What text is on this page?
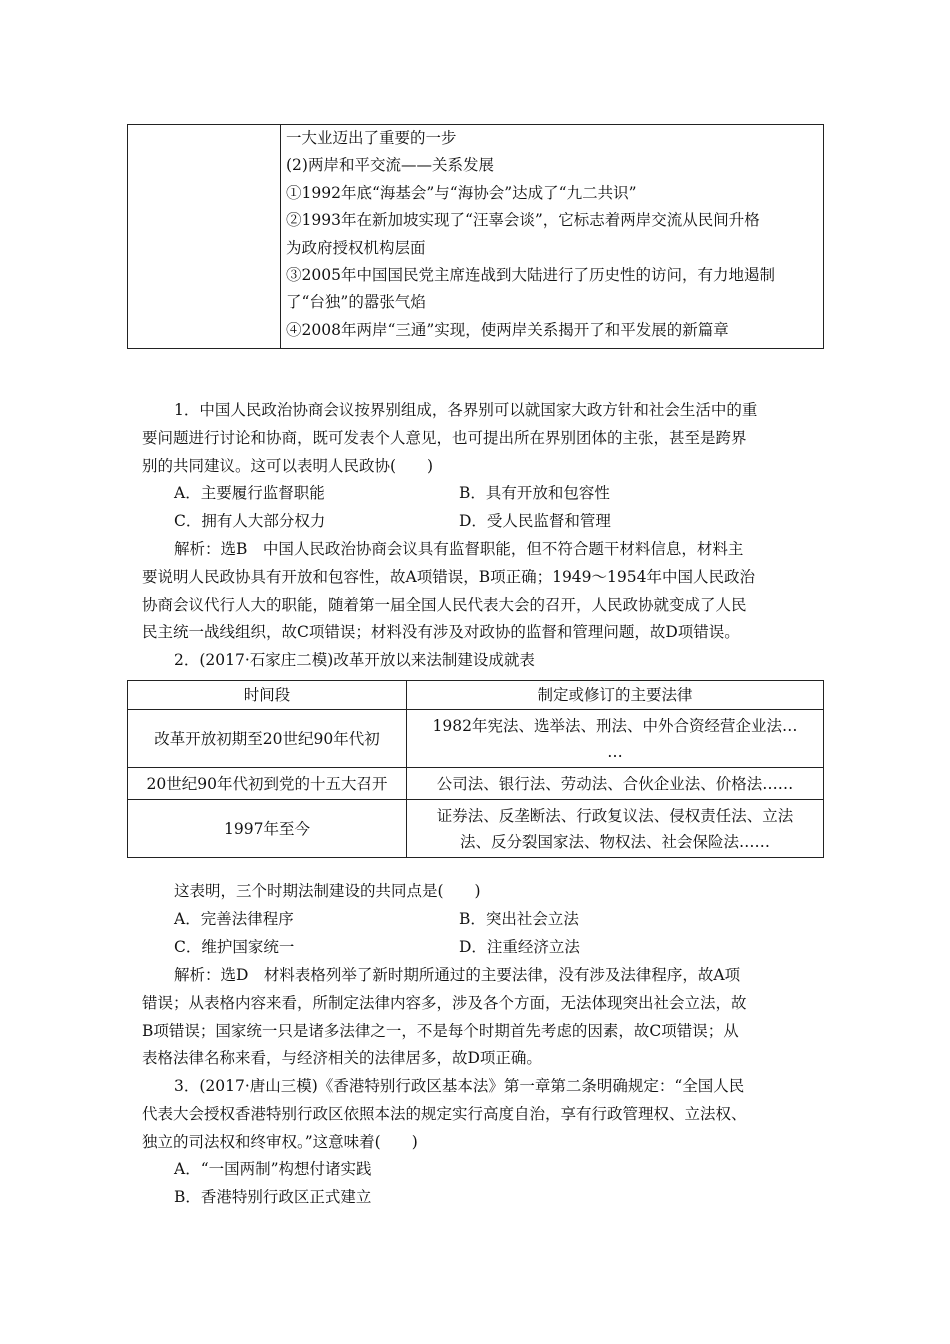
一大业迈出了重要的一步
(2)两岸和平交流——关系发展
①1992年底“海基会”与“海协会”达成了“九二共识”
②1993年在新加坡实现了“汪辜会谈”，它标志着两岸交流从民间升格
为政府授权机构层面
③2005年中国国民党主席连战到大陆进行了历史性的访问，有力地遏制
了“台独”的嚣张气焰
④2008年两岸“三通”实现，使两岸关系揭开了和平发展的新篇章
1．中国人民政治协商会议按界别组成，各界别可以就国家大政方针和社会生活中的重
要问题进行讨论和协商，既可发表个人意见，也可提出所在界别团体的主张，甚至是跨界
别的共同建议。这可以表明人民政协(　　)
A．主要履行监督职能	B．具有开放和包容性
C．拥有人大部分权力	D．受人民监督和管理
解析：选B　中国人民政治协商会议具有监督职能，但不符合题干材料信息，材料主
要说明人民政协具有开放和包容性，故A项错误，B项正确；1949～1954年中国人民政治
协商会议代行人大的职能，随着第一届全国人民代表大会的召开，人民政协就变成了人民
民主统一战线组织，故C项错误；材料没有涉及对政协的监督和管理问题，故D项错误。
2．(2017·石家庄二模)改革开放以来法制建设成就表
时间段	制定或修订的主要法律
改革开放初期至20世纪90年代初	1982年宪法、选举法、刑法、中外合资经营企业法…
…

20世纪90年代初到党的十五大召开	公司法、银行法、劳动法、合伙企业法、价格法……

1997年至今	证券法、反垄断法、行政复议法、侵权责任法、立法
法、反分裂国家法、物权法、社会保险法……
这表明，三个时期法制建设的共同点是(　　)
A．完善法律程序	B．突出社会立法
C．维护国家统一	D．注重经济立法
解析：选D　材料表格列举了新时期所通过的主要法律，没有涉及法律程序，故A项
错误；从表格内容来看，所制定法律内容多，涉及各个方面，无法体现突出社会立法，故
B项错误；国家统一只是诸多法律之一，不是每个时期首先考虑的因素，故C项错误；从
表格法律名称来看，与经济相关的法律居多，故D项正确。
3．(2017·唐山三模)《香港特别行政区基本法》第一章第二条明确规定：“全国人民
代表大会授权香港特别行政区依照本法的规定实行高度自治，享有行政管理权、立法权、
独立的司法权和终审权。”这意味着(　　)
A．“一国两制”构想付诸实践
B．香港特别行政区正式建立
